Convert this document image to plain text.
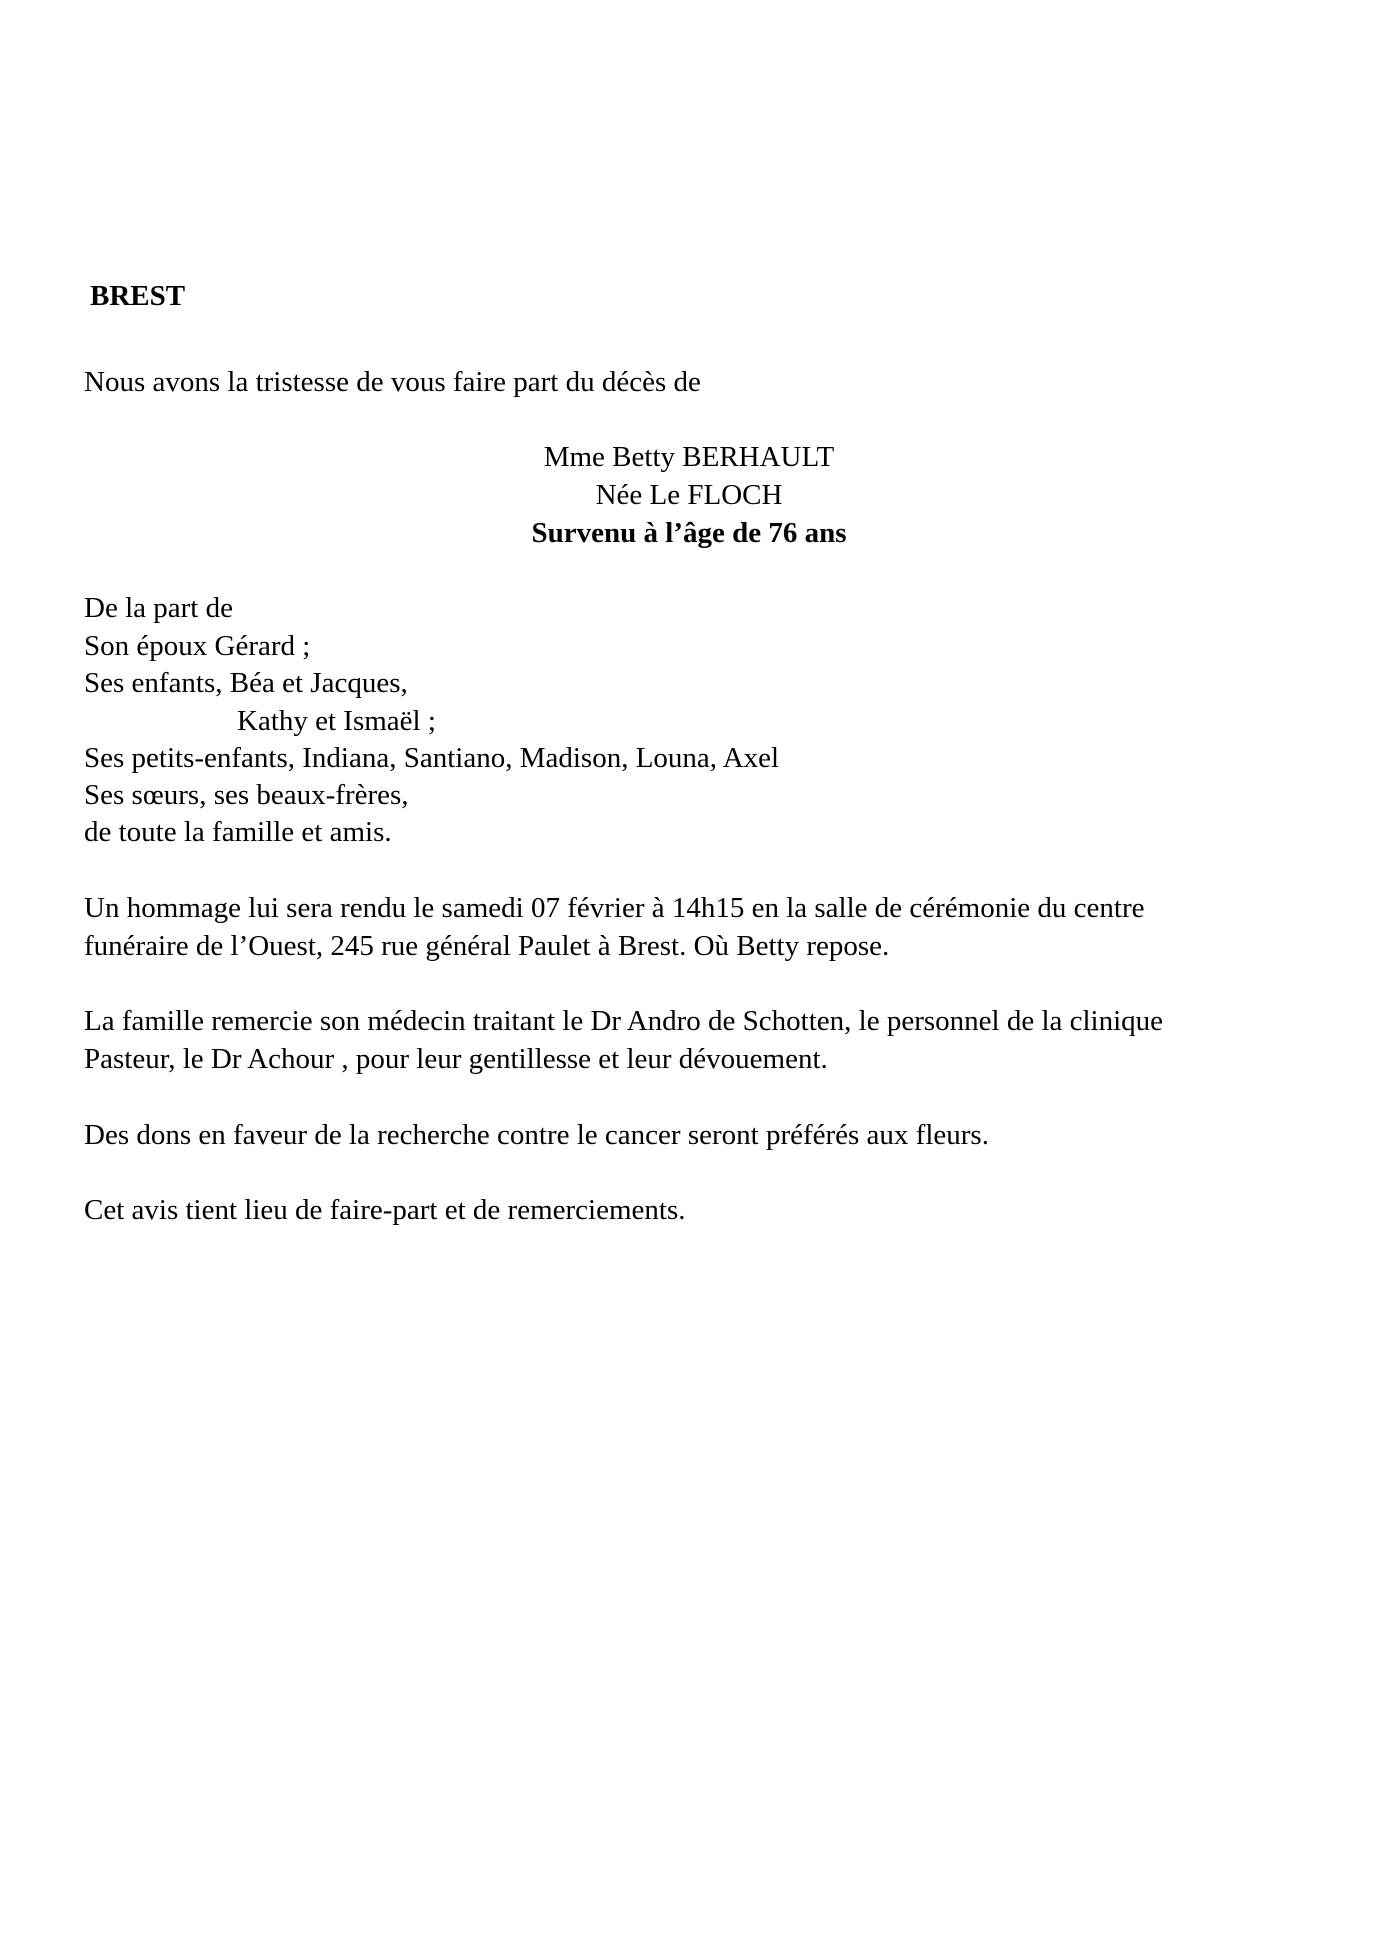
BREST
Nous avons la tristesse de vous faire part du décès de
Mme Betty BERHAULT
Née Le FLOCH
Survenu à l’âge de 76 ans
De la part de
Son époux Gérard ;
Ses enfants, Béa et Jacques,
Kathy et Ismaël ;
Ses petits-enfants, Indiana, Santiano, Madison, Louna, Axel
Ses sœurs, ses beaux-frères,
de toute la famille et amis.
Un hommage lui sera rendu le samedi 07 février à 14h15 en la salle de cérémonie du centre
funéraire de l’Ouest, 245 rue général Paulet à Brest. Où Betty repose.
La famille remercie son médecin traitant le Dr Andro de Schotten, le personnel de la clinique
Pasteur, le Dr Achour , pour leur gentillesse et leur dévouement.
Des dons en faveur de la recherche contre le cancer seront préférés aux fleurs.
Cet avis tient lieu de faire-part et de remerciements.
